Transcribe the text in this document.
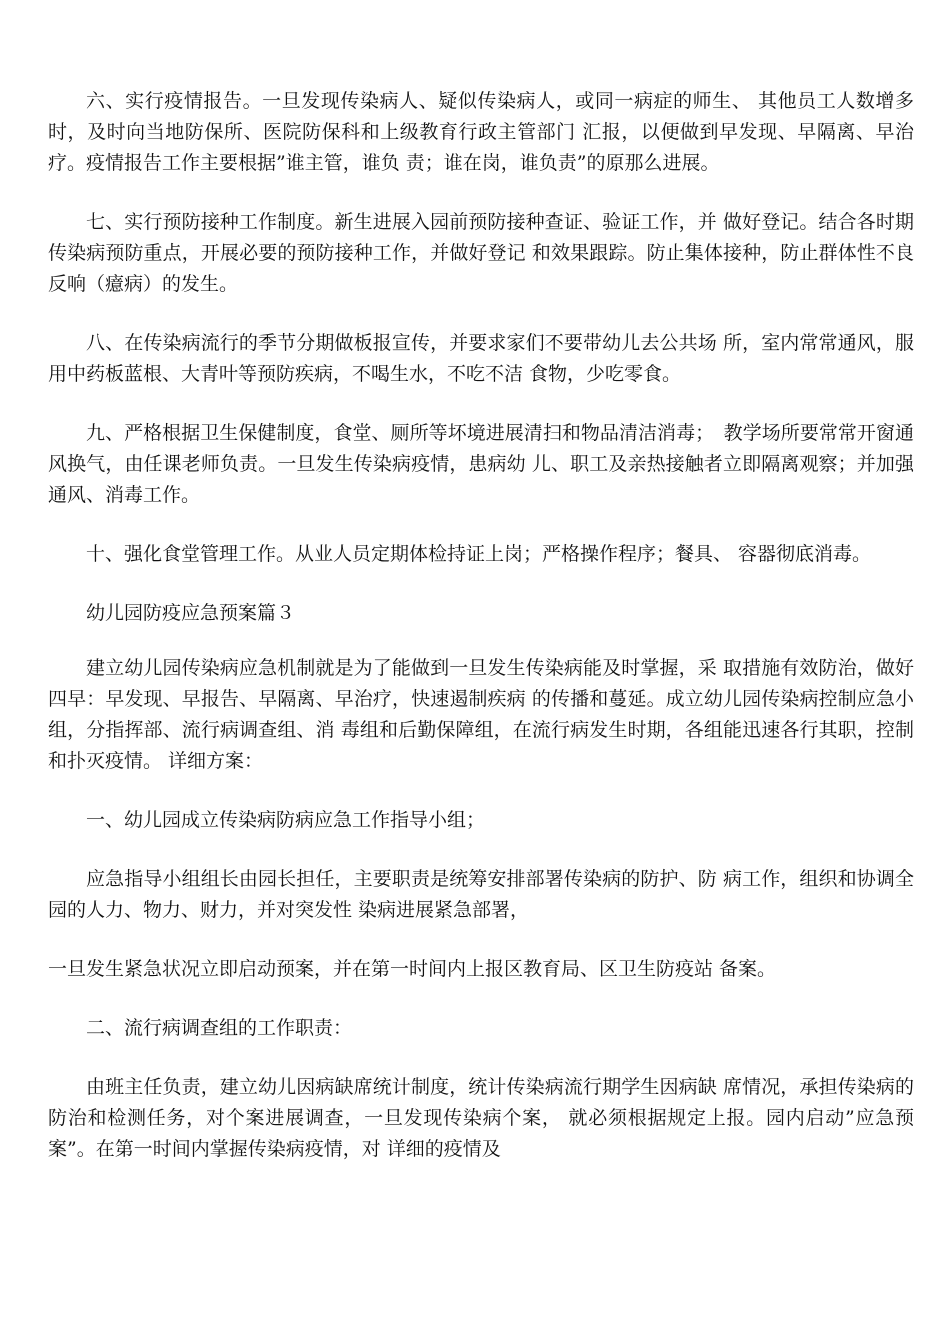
六、实行疫情报告。一旦发现传染病人、疑似传染病人，或同一病症的师生、 其他员工人数增多时，及时向当地防保所、医院防保科和上级教育行政主管部门 汇报，以便做到早发现、早隔离、早治疗。疫情报告工作主要根据”谁主管，谁负 责；谁在岗，谁负责”的原那么进展。

七、实行预防接种工作制度。新生进展入园前预防接种查证、验证工作，并 做好登记。结合各时期传染病预防重点，开展必要的预防接种工作，并做好登记 和效果跟踪。防止集体接种，防止群体性不良反响（癔病）的发生。

八、在传染病流行的季节分期做板报宣传，并要求家们不要带幼儿去公共场 所，室内常常通风，服用中药板蓝根、大青叶等预防疾病，不喝生水，不吃不洁 食物，少吃零食。

九、严格根据卫生保健制度，食堂、厕所等坏境进展清扫和物品清洁消毒；　教学场所要常常开窗通风换气，由任课老师负责。一旦发生传染病疫情，患病幼 儿、职工及亲热接触者立即隔离观察；并加强通风、消毒工作。

十、强化食堂管理工作。从业人员定期体检持证上岗；严格操作程序；餐具、 容器彻底消毒。

幼儿园防疫应急预案篇３

建立幼儿园传染病应急机制就是为了能做到一旦发生传染病能及时掌握，采 取措施有效防治，做好四早：早发现、早报告、早隔离、早治疗，快速遏制疾病 的传播和蔓延。成立幼儿园传染病控制应急小组，分指挥部、流行病调查组、消 毒组和后勤保障组，在流行病发生时期，各组能迅速各行其职，控制和扑灭疫情。 详细方案：

一、幼儿园成立传染病防病应急工作指导小组；

应急指导小组组长由园长担任，主要职责是统筹安排部署传染病的防护、防 病工作，组织和协调全园的人力、物力、财力，并对突发性 染病进展紧急部署，

一旦发生紧急状况立即启动预案，并在第一时间内上报区教育局、区卫生防疫站 备案。

二、流行病调查组的工作职责：

由班主任负责，建立幼儿因病缺席统计制度，统计传染病流行期学生因病缺 席情况，承担传染病的防治和检测任务，对个案进展调查，一旦发现传染病个案， 就必须根据规定上报。园内启动”应急预案”。在第一时间内掌握传染病疫情，对 详细的疫情及
